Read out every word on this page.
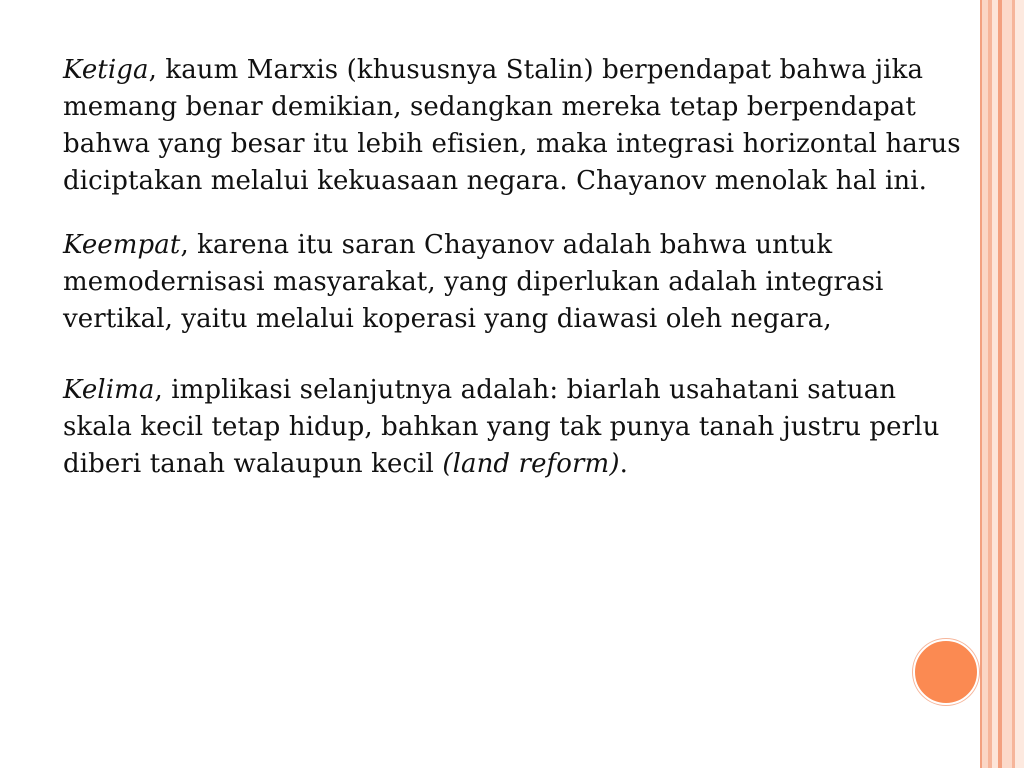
Ketiga, kaum Marxis (khususnya Stalin) berpendapat bahwa jika memang benar demikian, sedangkan mereka tetap berpendapat bahwa yang besar itu lebih efisien, maka integrasi horizontal harus diciptakan melalui kekuasaan negara. Chayanov menolak hal ini.

Keempat, karena itu saran Chayanov adalah bahwa untuk memodernisasi masyarakat, yang diperlukan adalah integrasi vertikal, yaitu melalui koperasi yang diawasi oleh negara,

Kelima, implikasi selanjutnya adalah: biarlah usahatani satuan skala kecil tetap hidup, bahkan yang tak punya tanah justru perlu diberi tanah walaupun kecil (land reform).
